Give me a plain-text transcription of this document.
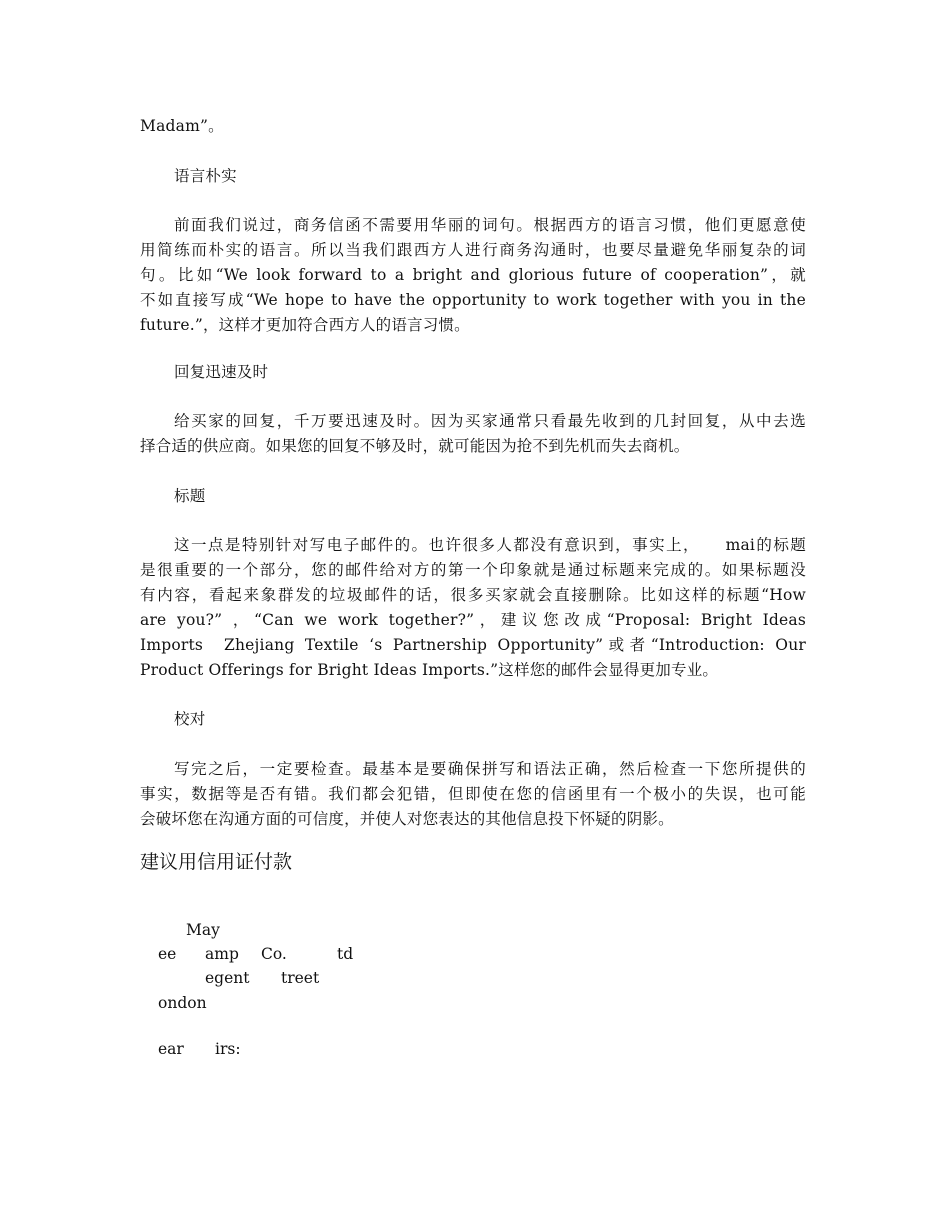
Madam”。
语言朴实
前面我们说过，商务信函不需要用华丽的词句。根据西方的语言习惯，他们更愿意使
用简练而朴实的语言。所以当我们跟西方人进行商务沟通时，也要尽量避免华丽复杂的词
句。比如“We look forward to a bright and glorious future of cooperation”，就
不如直接写成“We hope to have the opportunity to work together with you in the
future.”，这样才更加符合西方人的语言习惯。
回复迅速及时
给买家的回复，千万要迅速及时。因为买家通常只看最先收到的几封回复，从中去选
择合适的供应商。如果您的回复不够及时，就可能因为抢不到先机而失去商机。
标题
这一点是特别针对写电子邮件的。也许很多人都没有意识到，事实上，    mai的标题
是很重要的一个部分，您的邮件给对方的第一个印象就是通过标题来完成的。如果标题没
有内容，看起来象群发的垃圾邮件的话，很多买家就会直接删除。比如这样的标题“How
are you?” ，“Can we work together?”，建议您改成“Proposal: Bright Ideas
Imports  Zhejiang Textile ‘s Partnership Opportunity”或者“Introduction: Our
Product Offerings for Bright Ideas Imports.”这样您的邮件会显得更加专业。
校对
写完之后，一定要检查。最基本是要确保拼写和语法正确，然后检查一下您所提供的
事实，数据等是否有错。我们都会犯错，但即使在您的信函里有一个极小的失误，也可能
会破坏您在沟通方面的可信度，并使人对您表达的其他信息投下怀疑的阴影。
建议用信用证付款
May
ee amp Co.	td
egent treet
ondon
ear irs:
